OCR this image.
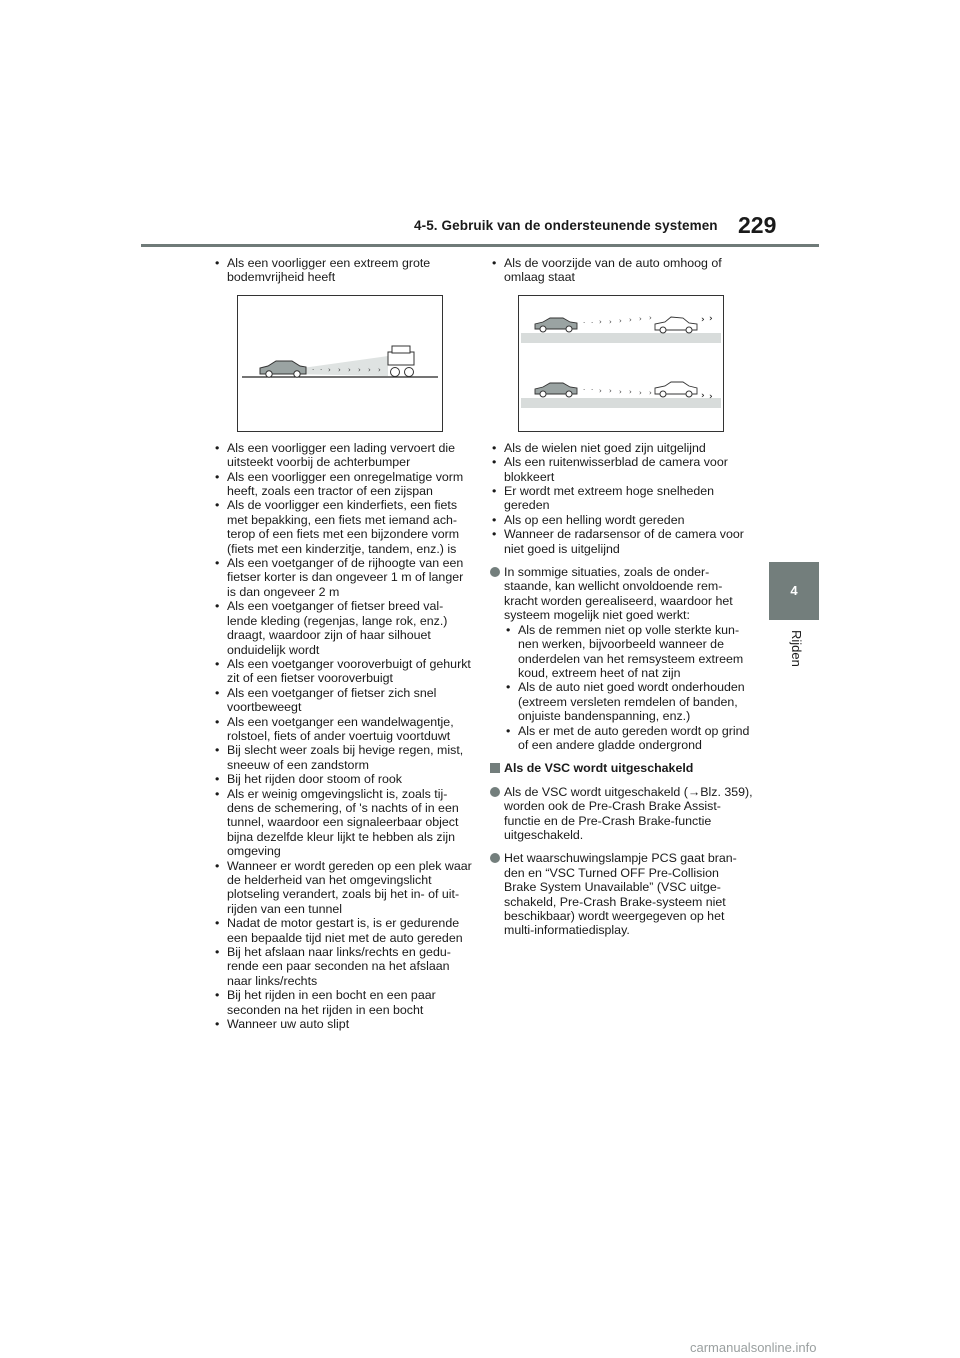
4-5. Gebruik van de ondersteunende systemen 229
4
Rijden
• Als een voorligger een extreem grote bodemvrijheid heeft
· · › › › › › ›
• Als een voorligger een lading vervoert die uitsteekt voorbij de achterbumper
• Als een voorligger een onregelmatige vorm heeft, zoals een tractor of een zijspan
• Als de voorligger een kinderfiets, een fiets met bepakking, een fiets met iemand ach-terop of een fiets met een bijzondere vorm (fiets met een kinderzitje, tandem, enz.) is
• Als een voetganger of de rijhoogte van een fietser korter is dan ongeveer 1 m of langer is dan ongeveer 2 m
• Als een voetganger of fietser breed val-lende kleding (regenjas, lange rok, enz.) draagt, waardoor zijn of haar silhouet onduidelijk wordt
• Als een voetganger vooroverbuigt of gehurkt zit of een fietser vooroverbuigt
• Als een voetganger of fietser zich snel voortbeweegt
• Als een voetganger een wandelwagentje, rolstoel, fiets of ander voertuig voortduwt
• Bij slecht weer zoals bij hevige regen, mist, sneeuw of een zandstorm
• Bij het rijden door stoom of rook
• Als er weinig omgevingslicht is, zoals tij-dens de schemering, of 's nachts of in een tunnel, waardoor een signaleerbaar object bijna dezelfde kleur lijkt te hebben als zijn omgeving
• Wanneer er wordt gereden op een plek waar de helderheid van het omgevingslicht plotseling verandert, zoals bij het in- of uit-rijden van een tunnel
• Nadat de motor gestart is, is er gedurende een bepaalde tijd niet met de auto gereden
• Bij het afslaan naar links/rechts en gedu-rende een paar seconden na het afslaan naar links/rechts
• Bij het rijden in een bocht en een paar seconden na het rijden in een bocht
• Wanneer uw auto slipt
• Als de voorzijde van de auto omhoog of omlaag staat
· · › › › › › ›	› ›
· · › › › › › ›	› ›
• Als de wielen niet goed zijn uitgelijnd
• Als een ruitenwisserblad de camera voor blokkeert
• Er wordt met extreem hoge snelheden gereden
• Als op een helling wordt gereden
• Wanneer de radarsensor of de camera voor niet goed is uitgelijnd
In sommige situaties, zoals de onder-staande, kan wellicht onvoldoende rem-kracht worden gerealiseerd, waardoor het systeem mogelijk niet goed werkt:
• Als de remmen niet op volle sterkte kun-nen werken, bijvoorbeeld wanneer de onderdelen van het remsysteem extreem koud, extreem heet of nat zijn
• Als de auto niet goed wordt onderhouden (extreem versleten remdelen of banden, onjuiste bandenspanning, enz.)
• Als er met de auto gereden wordt op grind of een andere gladde ondergrond
Als de VSC wordt uitgeschakeld
Als de VSC wordt uitgeschakeld (→Blz. 359), worden ook de Pre-Crash Brake Assist-functie en de Pre-Crash Brake-functie uitgeschakeld.
Het waarschuwingslampje PCS gaat bran-den en “VSC Turned OFF Pre-Collision Brake System Unavailable” (VSC uitge-schakeld, Pre-Crash Brake-systeem niet beschikbaar) wordt weergegeven op het multi-informatiedisplay.
carmanualsonline.info
